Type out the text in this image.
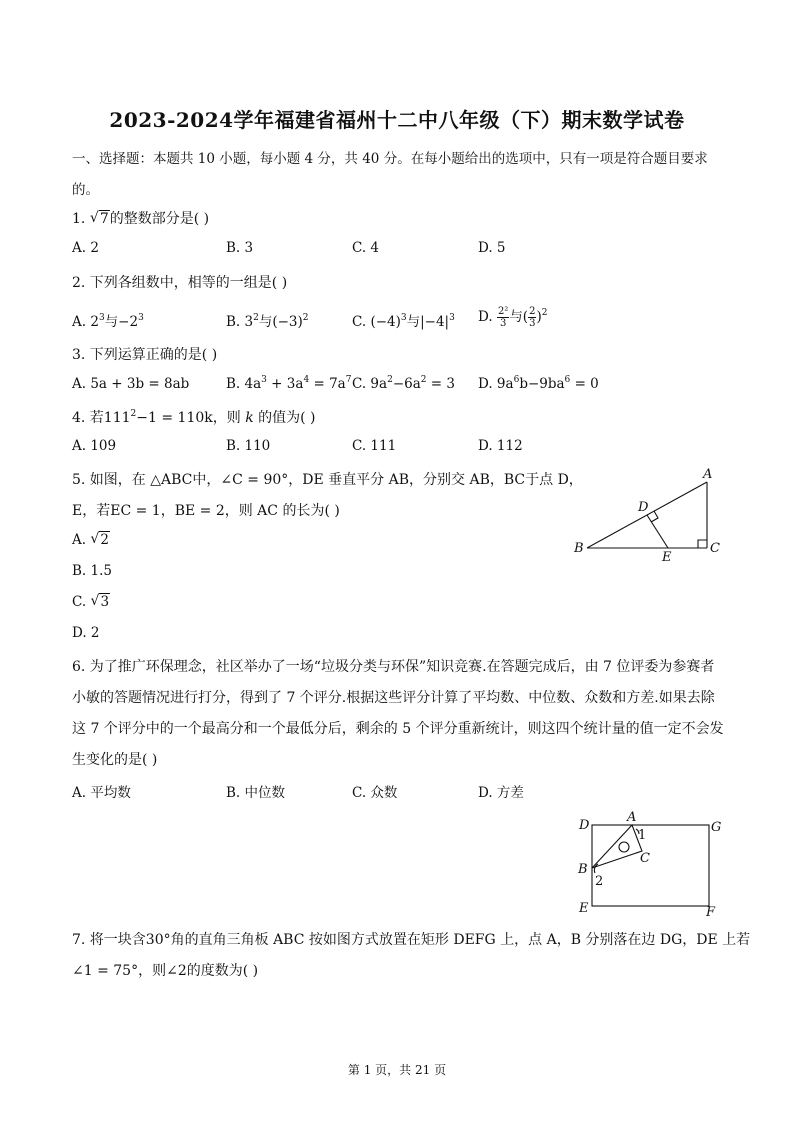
2023-2024学年福建省福州十二中八年级（下）期末数学试卷
一、选择题：本题共 10 小题，每小题 4 分，共 40 分。在每小题给出的选项中，只有一项是符合题目要求
的。
1. √ 7的整数部分是( )
A. 2	B. 3	C. 4	D. 5
2. 下列各组数中，相等的一组是( )
A. $2^3$与$-2^3$	B. $3^2$与$(-3)^2$	C. $(-4)^3$与$|-4|^3$ D. $\frac{\text{2²}}{3}$ 与( $\frac{2}{3} )^2$
3. 下列运算正确的是( )
A. 5a + 3b = 8ab	B. $4a^3 + 3a^4 = 7a^7$ C. $9a^2-6a^2 = 3$ D. $9a^6b-9ba^6 = 0$
4. 若$111^2-1 = 110k$，则 k 的值为( )
A. 109	B. 110	C. 111	D. 112
5. 如图，在 △ABC中，∠C = 90°，DE 垂直平分 AB，分别交 AB，BC于点 D，
E，若EC = 1，BE = 2，则 AC 的长为( )
A. √ 2
B. 1.5
C. √ 3
D. 2
A
B	C
D
E
6. 为了推广环保理念，社区举办了一场“垃圾分类与环保”知识竞赛.在答题完成后，由 7 位评委为参赛者
小敏的答题情况进行打分，得到了 7 个评分.根据这些评分计算了平均数、中位数、众数和方差.如果去除
这 7 个评分中的一个最高分和一个最低分后，剩余的 5 个评分重新统计，则这四个统计量的值一定不会发
生变化的是( )
A. 平均数	B. 中位数	C. 众数	D. 方差
D
A
G
1
C
B
2
E	F
7. 将一块含30°角的直角三角板 ABC 按如图方式放置在矩形 DEFG 上，点 A，B 分别落在边 DG，DE 上若
∠1 = 75°，则∠2的度数为( )
第 1 页，共 21 页
